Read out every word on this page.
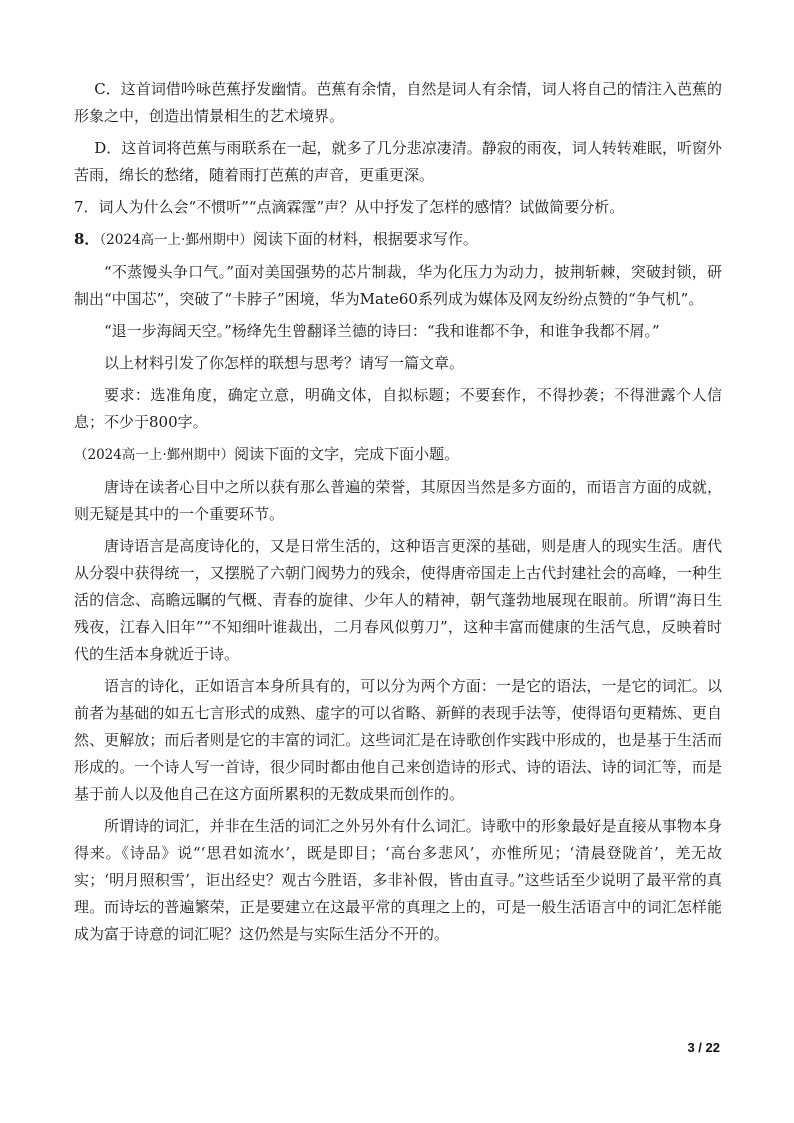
C．这首词借吟咏芭蕉抒发幽情。芭蕉有余情，自然是词人有余情，词人将自己的情注入芭蕉的形象之中，创造出情景相生的艺术境界。

D．这首词将芭蕉与雨联系在一起，就多了几分悲凉凄清。静寂的雨夜，词人转转难眠，听窗外苦雨，绵长的愁绪，随着雨打芭蕉的声音，更重更深。

7．词人为什么会“不惯听”“点滴霖霪”声？从中抒发了怎样的感情？试做简要分析。

8．（2024高一上·鄞州期中）阅读下面的材料，根据要求写作。

“不蒸馒头争口气。”面对美国强势的芯片制裁，华为化压力为动力，披荆斩棘，突破封锁，研制出“中国芯”，突破了“卡脖子”困境，华为Mate60系列成为媒体及网友纷纷点赞的“争气机”。

“退一步海阔天空。”杨绛先生曾翻译兰德的诗曰：“我和谁都不争，和谁争我都不屑。”

以上材料引发了你怎样的联想与思考？请写一篇文章。

要求：选准角度，确定立意，明确文体，自拟标题；不要套作，不得抄袭；不得泄露个人信息；不少于800字。

（2024高一上·鄞州期中）阅读下面的文字，完成下面小题。

唐诗在读者心目中之所以获有那么普遍的荣誉，其原因当然是多方面的，而语言方面的成就，则无疑是其中的一个重要环节。

唐诗语言是高度诗化的，又是日常生活的，这种语言更深的基础，则是唐人的现实生活。唐代从分裂中获得统一，又摆脱了六朝门阀势力的残余，使得唐帝国走上古代封建社会的高峰，一种生活的信念、高瞻远瞩的气概、青春的旋律、少年人的精神，朝气蓬勃地展现在眼前。所谓“海日生残夜，江春入旧年”“不知细叶谁裁出，二月春风似剪刀”，这种丰富而健康的生活气息，反映着时代的生活本身就近于诗。

语言的诗化，正如语言本身所具有的，可以分为两个方面：一是它的语法，一是它的词汇。以前者为基础的如五七言形式的成熟、虚字的可以省略、新鲜的表现手法等，使得语句更精炼、更自然、更解放；而后者则是它的丰富的词汇。这些词汇是在诗歌创作实践中形成的，也是基于生活而形成的。一个诗人写一首诗，很少同时都由他自己来创造诗的形式、诗的语法、诗的词汇等，而是基于前人以及他自己在这方面所累积的无数成果而创作的。

所谓诗的词汇，并非在生活的词汇之外另外有什么词汇。诗歌中的形象最好是直接从事物本身得来。《诗品》说“‘思君如流水’，既是即目；‘高台多悲风’，亦惟所见；‘清晨登陇首’，羌无故实；‘明月照积雪’，讵出经史？观古今胜语，多非补假，皆由直寻。”这些话至少说明了最平常的真理。而诗坛的普遍繁荣，正是要建立在这最平常的真理之上的，可是一般生活语言中的词汇怎样能成为富于诗意的词汇呢？这仍然是与实际生活分不开的。

3 / 22
